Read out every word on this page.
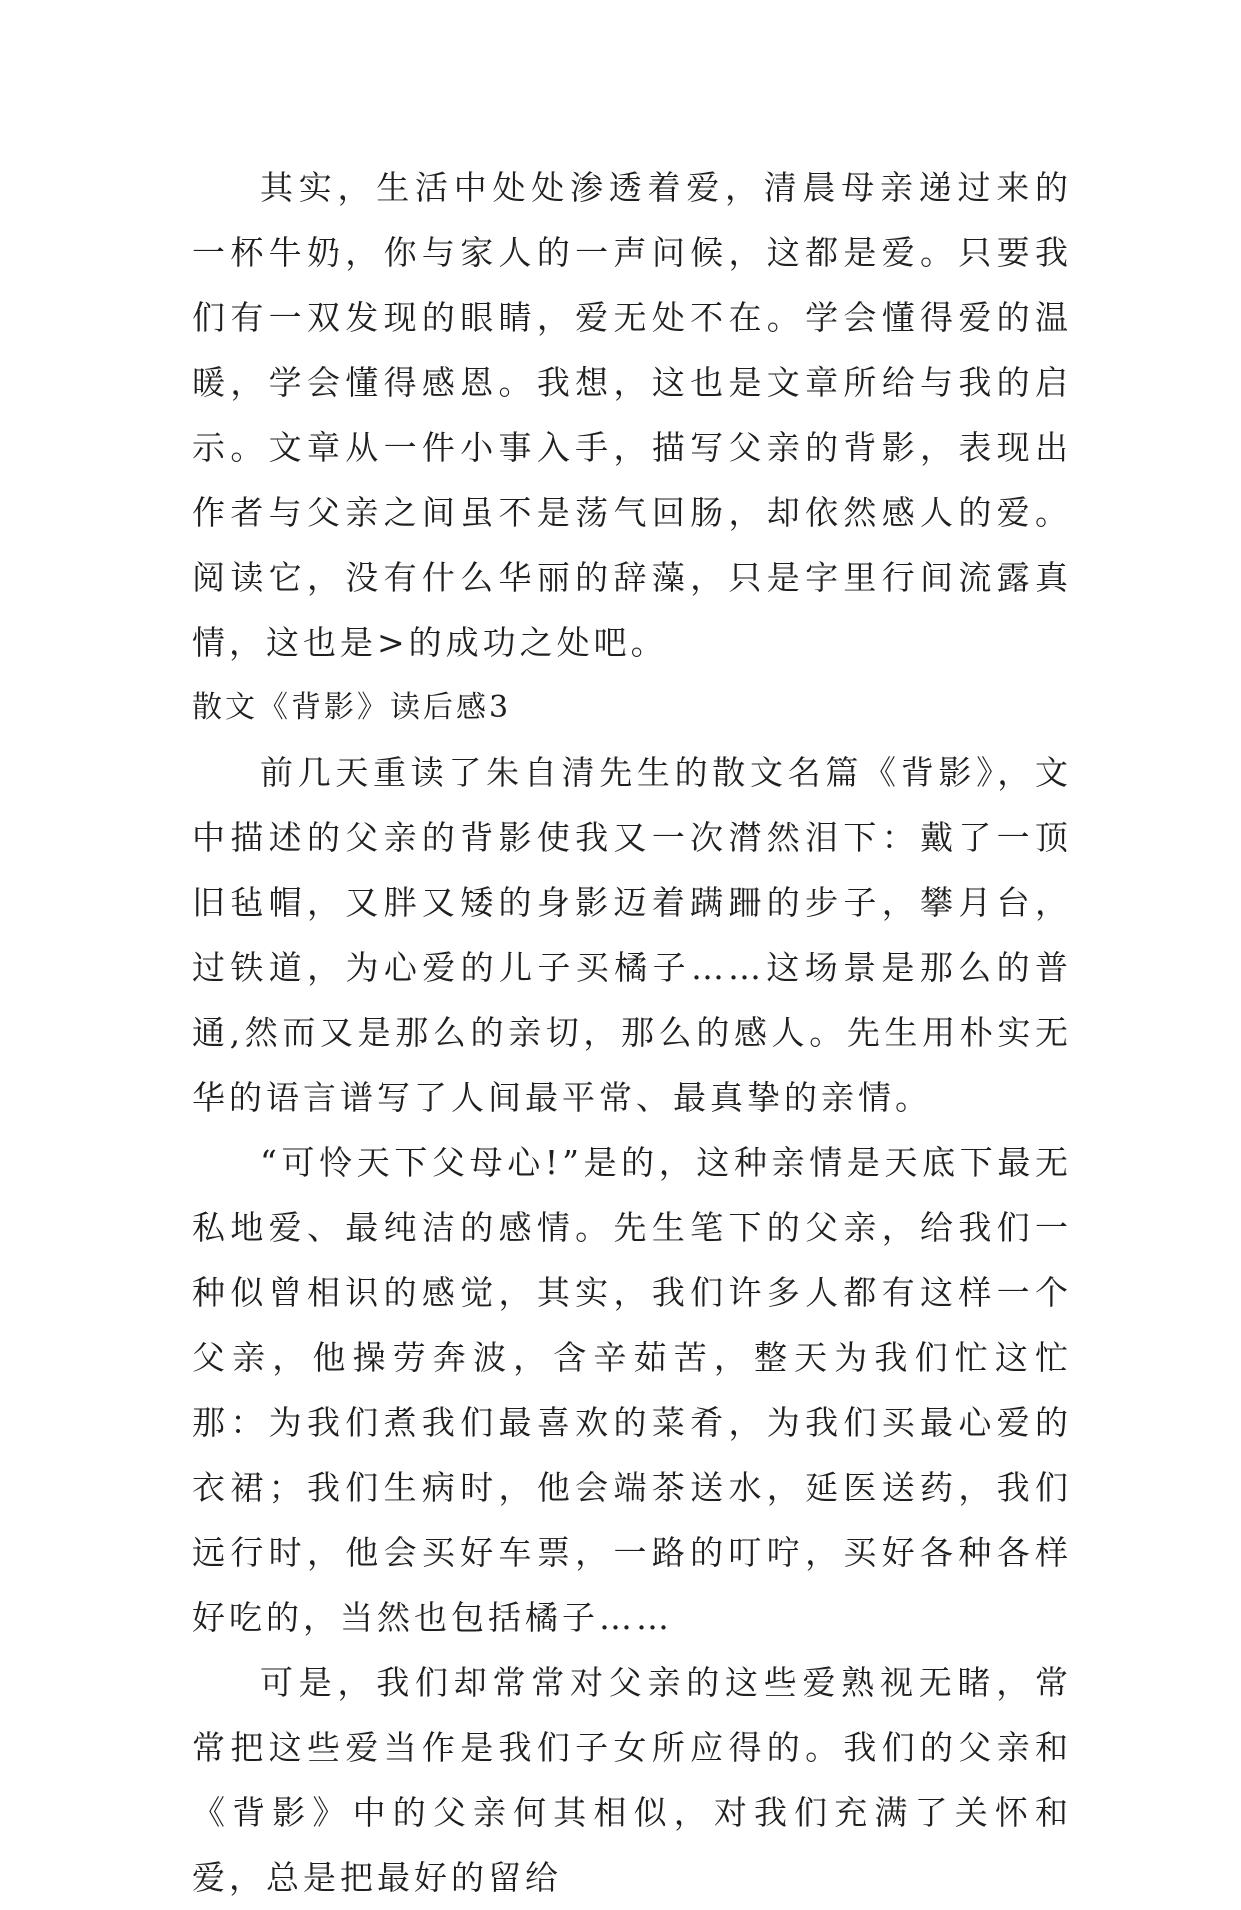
其实，生活中处处渗透着爱，清晨母亲递过来的一杯牛奶，你与家人的一声问候，这都是爱。只要我们有一双发现的眼睛，爱无处不在。学会懂得爱的温暖，学会懂得感恩。我想，这也是文章所给与我的启示。文章从一件小事入手，描写父亲的背影，表现出作者与父亲之间虽不是荡气回肠，却依然感人的爱。阅读它，没有什么华丽的辞藻，只是字里行间流露真情，这也是>的成功之处吧。

散文《背影》读后感3

前几天重读了朱自清先生的散文名篇《背影》，文中描述的父亲的背影使我又一次潸然泪下：戴了一顶旧毡帽，又胖又矮的身影迈着蹒跚的步子，攀月台，过铁道，为心爱的儿子买橘子……这场景是那么的普通,然而又是那么的亲切，那么的感人。先生用朴实无华的语言谱写了人间最平常、最真挚的亲情。

“可怜天下父母心!”是的，这种亲情是天底下最无私地爱、最纯洁的感情。先生笔下的父亲，给我们一种似曾相识的感觉，其实，我们许多人都有这样一个父亲，他操劳奔波，含辛茹苦，整天为我们忙这忙那：为我们煮我们最喜欢的菜肴，为我们买最心爱的衣裙；我们生病时，他会端茶送水，延医送药，我们远行时，他会买好车票，一路的叮咛，买好各种各样好吃的，当然也包括橘子……

可是，我们却常常对父亲的这些爱熟视无睹，常常把这些爱当作是我们子女所应得的。我们的父亲和《背影》中的父亲何其相似，对我们充满了关怀和爱，总是把最好的留给
